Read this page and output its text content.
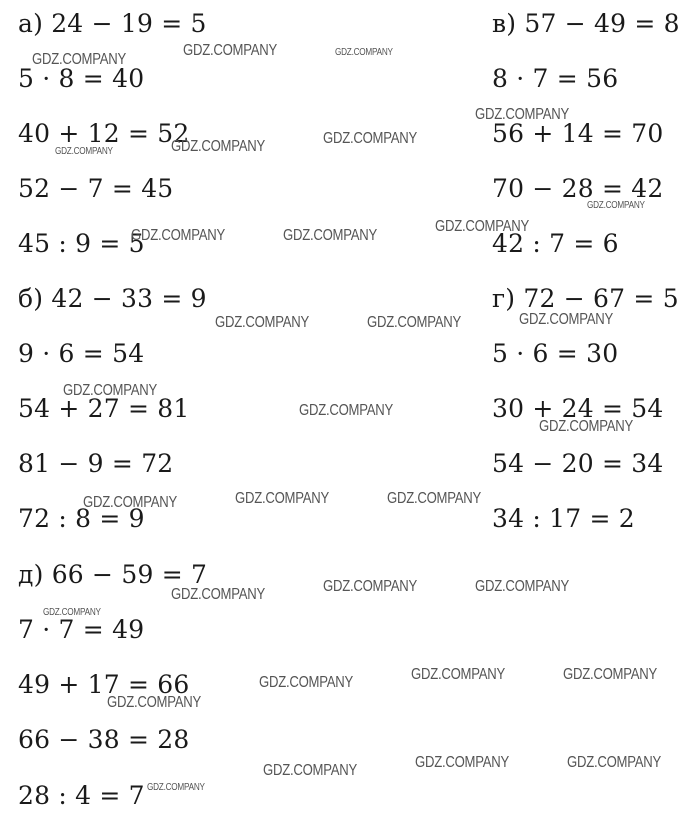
а) 24 − 19 = 5
5 · 8 = 40
40 + 12 = 52
52 − 7 = 45
45 : 9 = 5
в) 57 − 49 = 8
8 · 7 = 56
56 + 14 = 70
70 − 28 = 42
42 : 7 = 6
б) 42 − 33 = 9
9 · 6 = 54
54 + 27 = 81
81 − 9 = 72
72 : 8 = 9
г) 72 − 67 = 5
5 · 6 = 30
30 + 24 = 54
54 − 20 = 34
34 : 17 = 2
д) 66 − 59 = 7
7 · 7 = 49
49 + 17 = 66
66 − 38 = 28
28 : 4 = 7
GDZ.COMPANY
GDZ.COMPANY	GDZ.COMPANY
GDZ.COMPANY
GDZ.COMPANY	GDZ.COMPANY
GDZ.COMPANY
GDZ.COMPANY
GDZ.COMPANY
GDZ.COMPANY	GDZ.COMPANY
GDZ.COMPANY
GDZ.COMPANY	GDZ.COMPANY
GDZ.COMPANY
GDZ.COMPANY
GDZ.COMPANY
GDZ.COMPANY	GDZ.COMPANY
GDZ.COMPANY
GDZ.COMPANY	GDZ.COMPANY
GDZ.COMPANY
GDZ.COMPANY
GDZ.COMPANY	GDZ.COMPANY
GDZ.COMPANY
GDZ.COMPANY
GDZ.COMPANY	GDZ.COMPANY
GDZ.COMPANY
GDZ.COMPANY
